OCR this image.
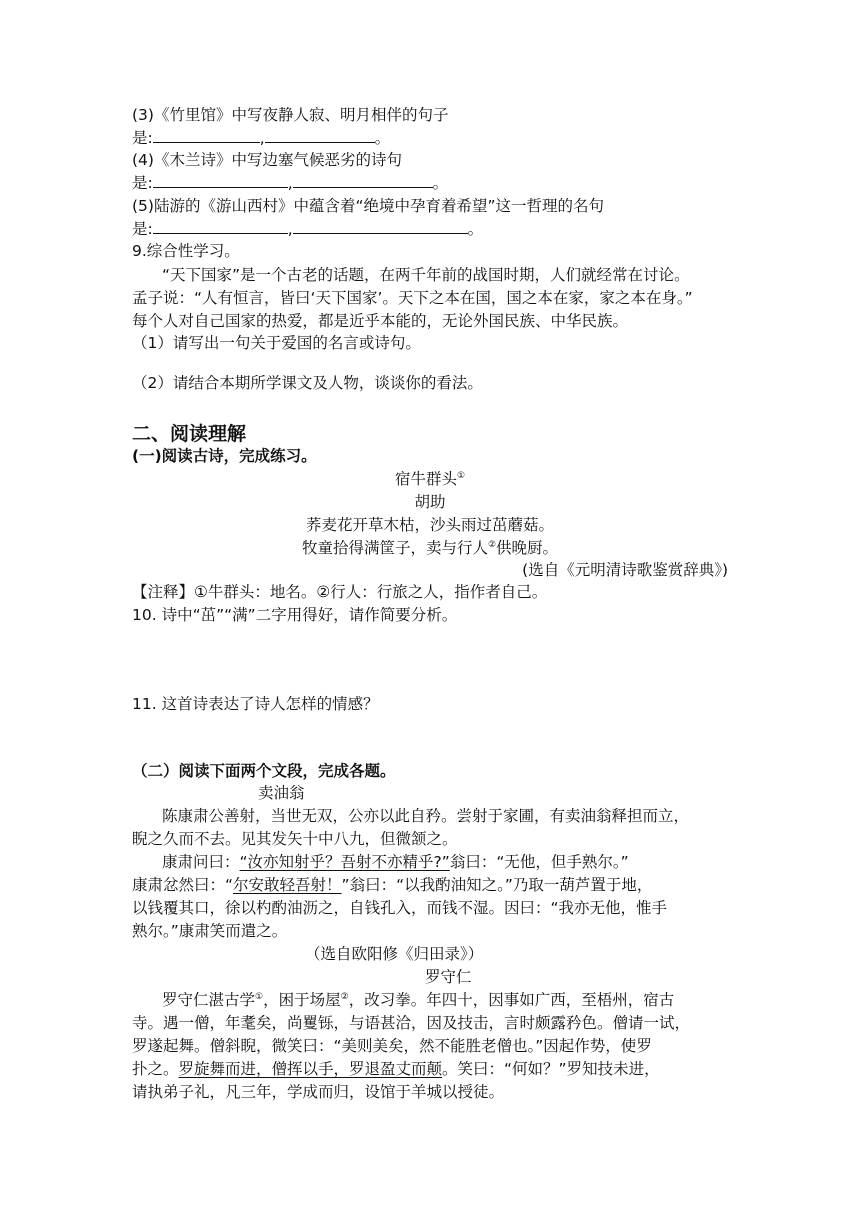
(3)《竹里馆》中写夜静人寂、明月相伴的句子
是:	,	。
(4)《木兰诗》中写边塞气候恶劣的诗句
是:	,	。
(5)陆游的《游山西村》中蕴含着“绝境中孕育着希望”这一哲理的名句
是:	,	。
9.综合性学习。
“天下国家”是一个古老的话题，在两千年前的战国时期，人们就经常在讨论。
孟子说：“人有恒言，皆曰‘天下国家’。天下之本在国，国之本在家，家之本在身。”
每个人对自己国家的热爱，都是近乎本能的，无论外国民族、中华民族。
（1）请写出一句关于爱国的名言或诗句。
（2）请结合本期所学课文及人物，谈谈你的看法。
二、阅读理解
(一)阅读古诗，完成练习。
宿牛群头①
胡助
荞麦花开草木枯，沙头雨过茁蘑菇。
牧童拾得满筐子，卖与行人②供晚厨。
(选自《元明清诗歌鉴赏辞典》)
【注释】①牛群头：地名。②行人：行旅之人，指作者自己。
10. 诗中“茁”“满”二字用得好，请作简要分析。
11. 这首诗表达了诗人怎样的情感？
（二）阅读下面两个文段，完成各题。
卖油翁
陈康肃公善射，当世无双，公亦以此自矜。尝射于家圃，有卖油翁释担而立，
睨之久而不去。见其发矢十中八九，但微颔之。
康肃问曰：“汝亦知射乎？吾射不亦精乎?”翁曰：“无他，但手熟尔。”
康肃忿然曰：“尔安敢轻吾射！”翁曰：“以我酌油知之。”乃取一葫芦置于地，
以钱覆其口，徐以杓酌油沥之，自钱孔入，而钱不湿。因曰：“我亦无他，惟手
熟尔。”康肃笑而遣之。
（选自欧阳修《归田录》）
罗守仁
罗守仁湛古学①，困于场屋②，改习拳。年四十，因事如广西，至梧州，宿古
寺。遇一僧，年耄矣，尚矍铄，与语甚洽，因及技击，言时颇露矜色。僧请一试，
罗遂起舞。僧斜睨，微笑曰：“美则美矣，然不能胜老僧也。”因起作势，使罗
扑之。罗旋舞而进，僧挥以手，罗退盈丈而颠。笑曰：“何如？”罗知技未进，
请执弟子礼，凡三年，学成而归，设馆于羊城以授徒。
